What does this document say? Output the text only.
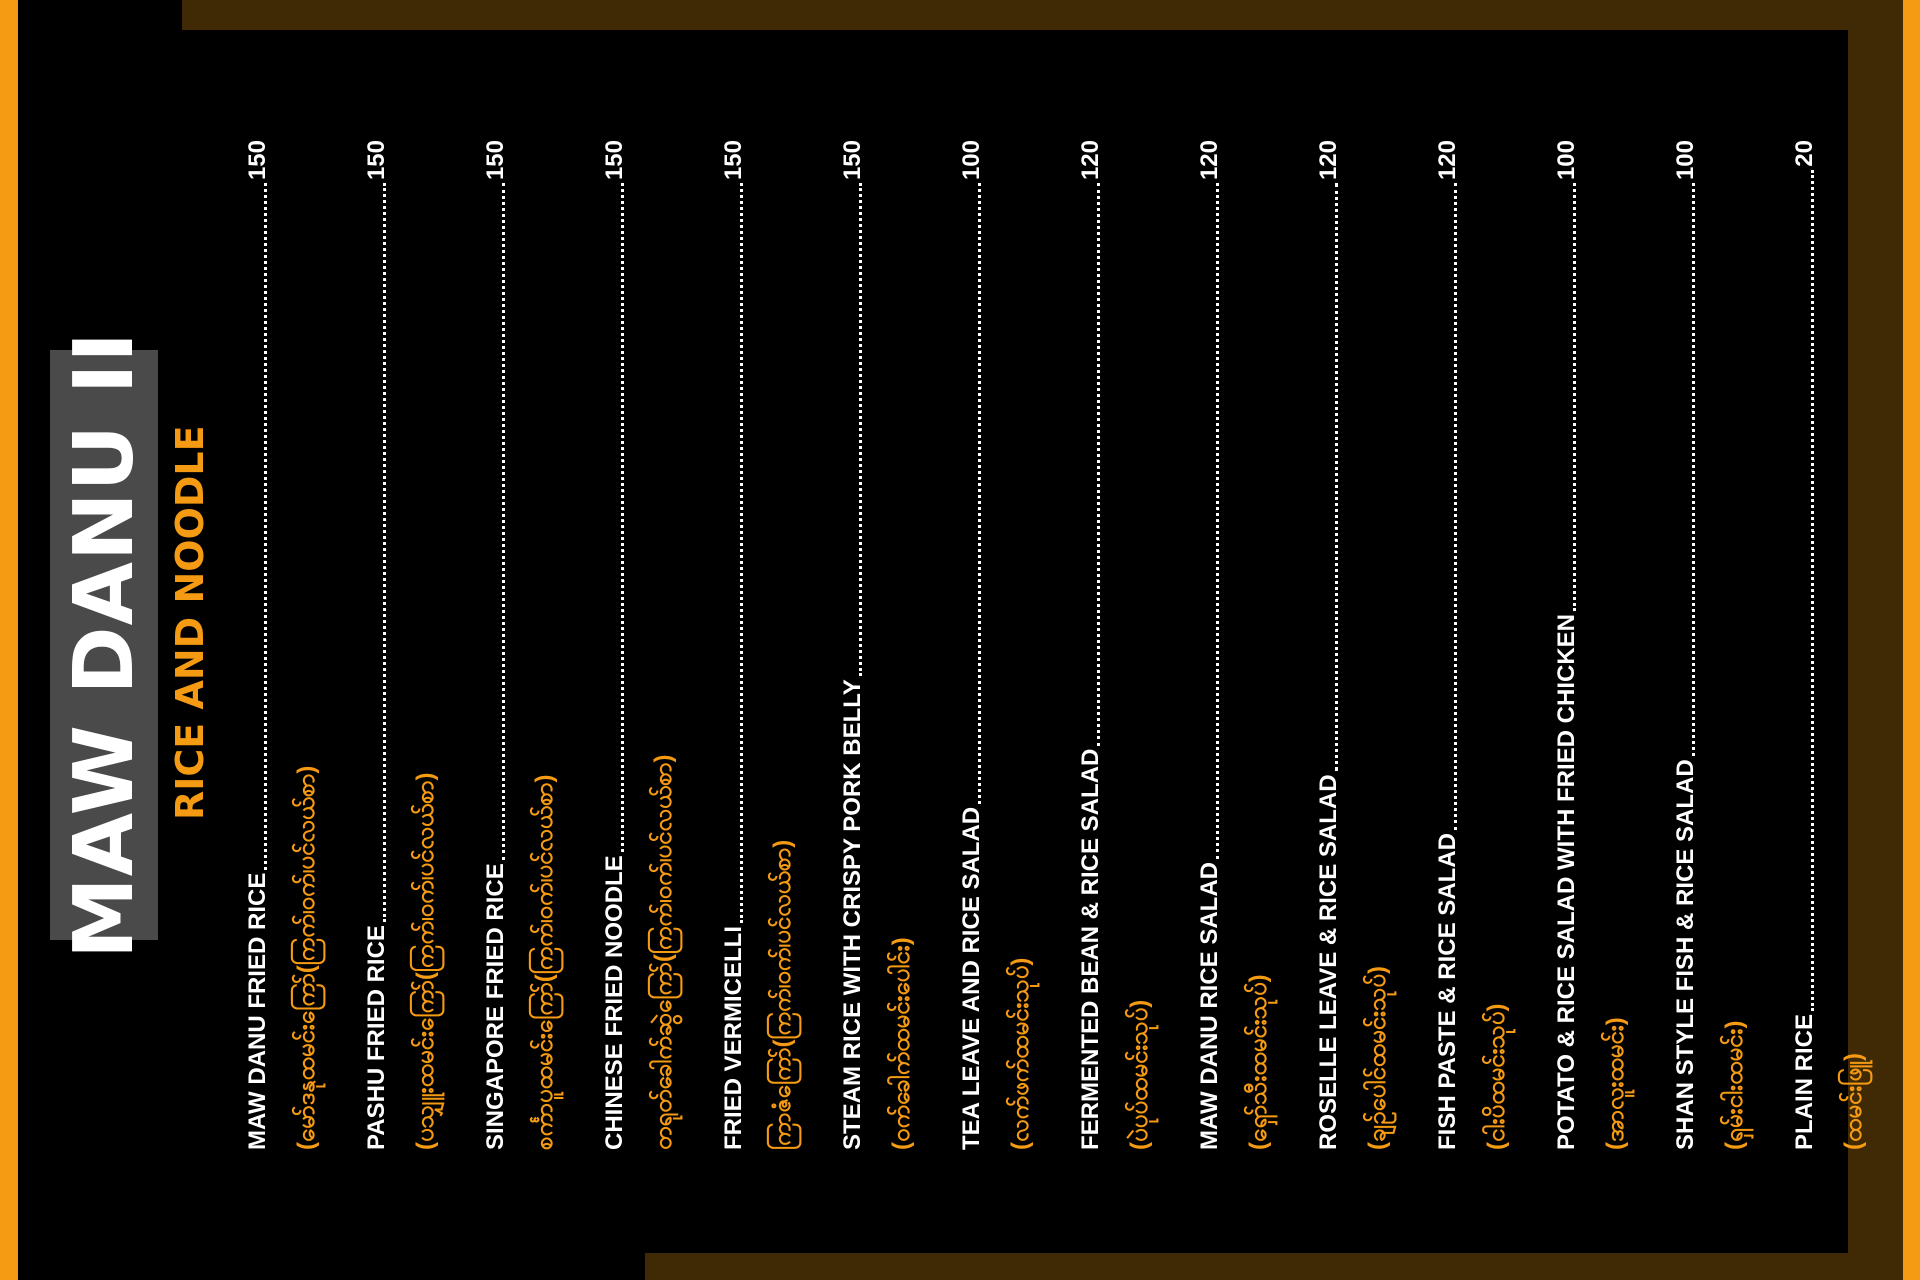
MAW DANU II RICE AND NOODLE
MAW DANU FRIED RICE
150
(မော်ဒနုထမင်းကြော်(ကြက်၊ဝက်၊ပင်လယ်စာ) PASHU FRIED RICE
150
(ပသျှူးထမင်းကြော်(ကြက်၊ဝက်၊ပင်လယ်စာ) SINGAPORE FRIED RICE
150
စင်္ကာပူထမင်းကြော်(ကြက်၊ဝက်၊ပင်လယ်စာ) CHINESE FRIED NOODLE
150
တရုတ်ခေါက်ဆွဲကြော်(ကြက်၊ဝက်၊ပင်လယ်စာ) FRIED VERMICELLI
150
ကြာဇံကြော်(ကြက်၊ဝက်၊ပင်လယ်စာ) STEAM RICE WITH CRISPY PORK BELLY
150
(ဝက်ခေါက်ထမင်းပေါင်း) TEA LEAVE AND RICE SALAD
100
(လက်ဖက်ထမင်းသုပ်) FERMENTED BEAN & RICE SALAD
120
(ပဲပုပ်ထမင်းသုပ်) MAW DANU RICE SALAD
120
(ရှော်သီးထမင်းသုပ်) ROSELLE LEAVE & RICE SALAD
120
(ချဉ်ပေါင်ထမင်းသုပ်) FISH PASTE & RICE SALAD
120
(ငါးပိထမင်းသုပ်) POTATO & RICE SALAD WITH FRIED CHICKEN
100
(အာလူးထမင်း) SHAN STYLE FISH & RICE SALAD
100
(ရှမ်းငါးထမင်း) PLAIN RICE
20
(ထမင်းဖြူ)
